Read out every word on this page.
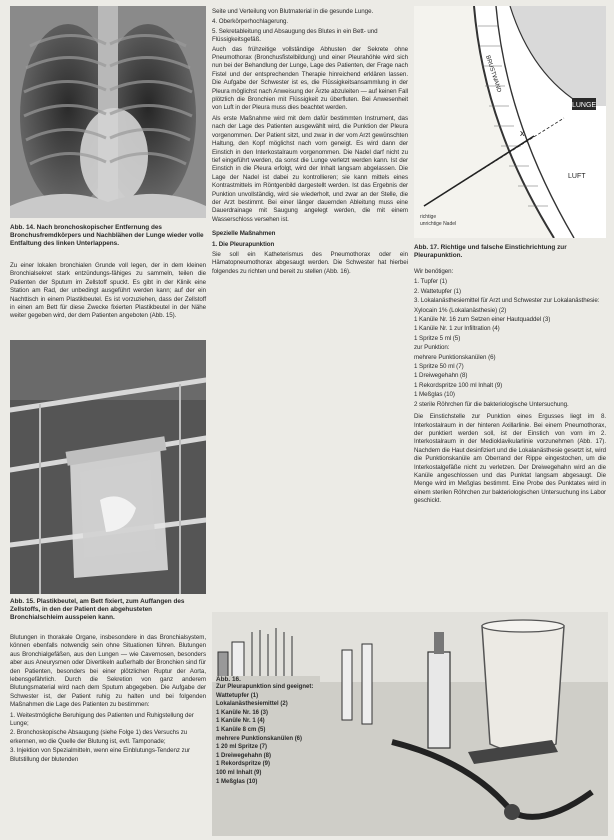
Abb. 14. Nach bronchoskopischer Entfernung des Bronchusfremdkörpers und Nachblähen der Lunge wieder volle Entfaltung des linken Unterlappens.

Zu einer lokalen bronchialen Grunde voll legen, der in dem kleinen Bronchialsekret stark entzündungs-fähiges zu sammeln, teilen die Patienten der Sputum im Zellstoff spuckt. Es gibt in der Klinik eine Station am Rad, der unbedingt ausgeführt werden kann; auf der ein Nachttisch in einem Plastikbeutel. Es ist vorzuziehen, dass der Zellstoff in einen am Bett für diese Zwecke fixierten Plastikbeutel in der Nähe weiter gegeben wird, der dem Patienten angeboten (Abb. 15).

Abb. 15. Plastikbeutel, am Bett fixiert, zum Auffangen des Zellstoffs, in den der Patient den abgehusteten Bronchialschleim ausspeien kann.

Blutungen in thorakale Organe, insbesondere in das Bronchialsystem, können ebenfalls notwendig sein ohne Situationen führen. Blutungen aus Bronchialgefäßen, aus den Lungen — wie Cavernosen, besonders aber aus Aneurysmen oder Divertikeln außerhalb der Bronchien sind für den Patienten, besonders bei einer plötzlichen Ruptur der Aorta, lebensgefährlich. Durch die Sekretion von ganz anderem Blutungsmaterial wird nach dem Sputum abgegeben. Die Aufgabe der Schwester ist, der Patient ruhig zu halten und bei folgenden Maßnahmen die Lage des Patienten zu bestimmen:

1. Weitestmögliche Beruhigung des Patienten und Ruhigstellung der Lunge;
2. Bronchoskopische Absaugung (siehe Folge 1) des Versuchs zu erkennen, wo die Quelle der Blutung ist, evtl. Tamponade;
3. Injektion von Spezialmitteln, wenn eine Einblutungs-Tendenz zur Blutstillung der blutenden

Seite und Verteilung von Blutmaterial in die gesunde Lunge.

4. Oberkörperhochlagerung.
5. Sekretableitung und Absaugung des Blutes in ein Bett- und Flüssigkeitsgefäß.

Auch das frühzeitige vollständige Abhusten der Sekrete ohne Pneumothorax (Bronchusfistelbildung) und einer Pleurahöhle wird sich nun bei der Behandlung der Lunge, Lage des Patienten, der Frage nach Fistel und der entsprechenden Therapie hinreichend erklären lassen. Die Aufgabe der Schwester ist es, die Flüssigkeitsansammlung in der Pleura möglichst nach Anweisung der Ärzte abzuleiten — auf keinen Fall plötzlich die Bronchien mit Flüssigkeit zu überfluten. Bei Anwesenheit von Luft in der Pleura muss dies beachtet werden.

Als erste Maßnahme wird mit dem dafür bestimmten Instrument, das nach der Lage des Patienten ausgewählt wird, die Punktion der Pleura vorgenommen. Der Patient sitzt, und zwar in der vom Arzt gewünschten Haltung, den Kopf möglichst nach vorn geneigt. Es wird dann der Einstich in den Interkostalraum vorgenommen. Die Nadel darf nicht zu tief eingeführt werden, da sonst die Lunge verletzt werden kann. Ist der Einstich in die Pleura erfolgt, wird der Inhalt langsam abgelassen. Die Lage der Nadel ist dabei zu kontrollieren; sie kann mittels eines Kontrastmittels im Röntgenbild dargestellt werden. Ist das Ergebnis der Punktion unvollständig, wird sie wiederholt, und zwar an der Stelle, die der Arzt bestimmt. Bei einer länger dauernden Ableitung muss eine Dauerdrainage mit Saugung angelegt werden, die mit einem Wasserschloss versehen ist.

Spezielle Maßnahmen

1. Die Pleurapunktion

Sie soll ein Katheterismus des Pneumothorax oder ein Hämatopneumothorax abgesaugt werden. Die Schwester hat hierbei folgendes zu richten und bereit zu stellen (Abb. 16).

LUNGE
LUFT
BRUSTWAND
x
richtige
unrichtige Nadel
Abb. 17. Richtige und falsche Einstichrichtung zur Pleurapunktion.

Wir benötigen:

1. Tupfer (1)
2. Wattetupfer (1)
3. Lokalanästhesiemittel für Arzt und Schwester zur Lokalanästhesie:
Xylocain 1% (Lokalanästhesie) (2)
1 Kanüle Nr. 16 zum Setzen einer Hautquaddel (3)
1 Kanüle Nr. 1 zur Infiltration (4)
1 Spritze 5 ml (5)
zur Punktion:
mehrere Punktionskanülen (6)
1 Spritze 50 ml (7)
1 Dreiwegehahn (8)
1 Rekordspritze 100 ml Inhalt (9)
1 Meßglas (10)
2 sterile Röhrchen für die bakteriologische Untersuchung.

Die Einstichstelle zur Punktion eines Ergusses liegt im 8. Interkostalraum in der hinteren Axillarlinie. Bei einem Pneumothorax, der punktiert werden soll, ist der Einstich von vorn im 2. Interkostalraum in der Medioklavikularlinie vorzunehmen (Abb. 17). Nachdem die Haut desinfiziert und die Lokalanästhesie gesetzt ist, wird die Punktionskanüle am Oberrand der Rippe eingestochen, um die Interkostalgefäße nicht zu verletzen. Der Dreiwegehahn wird an die Kanüle angeschlossen und das Punktat langsam abgesaugt. Die Menge wird im Meßglas bestimmt. Eine Probe des Punktates wird in einem sterilen Röhrchen zur bakteriologischen Untersuchung ins Labor geschickt.

Abb. 16.
Zur Pleurapunktion sind geeignet:
Wattetupfer (1)
Lokalanästhesiemittel (2)
1 Kanüle Nr. 16 (3)
1 Kanüle Nr. 1 (4)
1 Kanüle 8 cm (5)
mehrere Punktionskanülen (6)
1 20 ml Spritze (7)
1 Dreiwegehahn (8)
1 Rekordspritze (9)
100 ml Inhalt (9)
1 Meßglas (10)
